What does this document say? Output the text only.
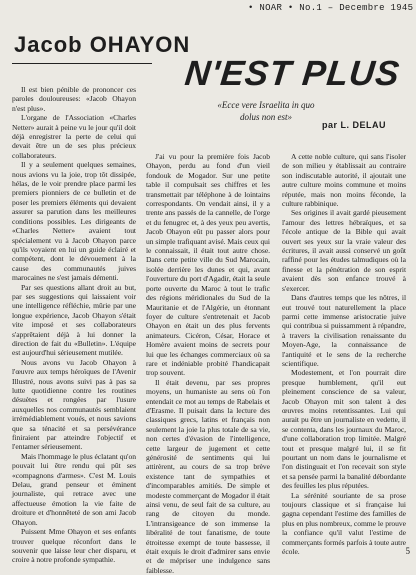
• NOAR • No.1 – Decembre 1945
Jacob OHAYON
N'EST PLUS
«Ecce vere Israelita in quo
dolus non est»
par L. DELAU

Il est bien pénible de prononcer ces paroles douloureuses: «Jacob Ohayon n'est plus».

L'organe de l'Association «Charles Netter» aurait à peine vu le jour qu'il doit déjà enregistrer la perte de celui qui devait être un de ses plus précieux collaborateurs.

Il y a seulement quelques semaines, nous avions vu la joie, trop tôt dissipée, hélas, de le voir prendre place parmi les premiers pionniers de ce bulletin et de poser les premiers éléments qui devaient assurer sa parution dans les meilleures conditions possibles. Les dirigeants de «Charles Netter» avaient tout spécialement vu à Jacob Ohayon parce qu'ils voyaient en lui un guide éclairé et compétent, dont le dévouement à la cause des communautés juives marocaines ne s'est jamais démenti.

Par ses questions allant droit au but, par ses suggestions qui laissaient voir une intelligence réfléchie, mûrie par une longue expérience, Jacob Ohayon s'était vite imposé et ses collaborateurs s'apprêtaient déjà à lui donner la direction de fait du «Bulletin». L'équipe est aujourd'hui sérieusement mutilée.

Nous avons vu Jacob Ohayon à l'œuvre aux temps héroïques de l'Avenir Illustré, nous avons suivi pas à pas sa lutte quotidienne contre les routines désuètes et rongées par l'usure auxquelles nos communautés semblaient irrémédiablement voués, et nous savions que sa ténacité et sa persévérance finiraient par atteindre l'objectif et l'entamer sérieusement.

Mais l'hommage le plus éclatant qu'on pouvait lui être rendu qui pût ses «compagnons d'armes». C'est M. Louis Delau, grand penseur et éminent journaliste, qui retrace avec une affectueuse émotion la vie faite de droiture et d'honnêteté de son ami Jacob Ohayon.

Puissent Mme Ohayon et ses enfants trouver quelque réconfort dans le souvenir que laisse leur cher disparu, et croire à notre profonde sympathie.

J'ai vu pour la première fois Jacob Ohayon, perdu au fond d'un vieil fondouk de Mogador. Sur une petite table il compulsait ses chiffres et les transmettait par téléphone à de lointains correspondants. On vendait ainsi, il y a trente ans passés de la cannelle, de l'orge et du fenugrec et, à des yeux peu avertis, Jacob Ohayon eût pu passer alors pour un simple trafiquant avisé. Mais ceux qui le connaissait, il était tout autre chose. Dans cette petite ville du Sud Marocain, isolée derrière les dunes et qui, avant l'ouverture du port d'Agadir, était la seule porte ouverte du Maroc à tout le trafic des régions méridionales du Sud de la Mauritanie et de l'Algérie, un étonnant foyer de culture s'entretenait et Jacob Ohayon en était un des plus fervents animateurs. Cicéron, César, Horace et Homère avaient moins de secrets pour lui que les échanges commerciaux où sa rare et indéniable probité l'handicapait trop souvent.

Il était devenu, par ses propres moyens, un humaniste au sens où l'on entendait ce mot au temps de Rabelais et d'Erasme. Il puisait dans la lecture des classiques grecs, latins et français non seulement la joie la plus totale de sa vie, non certes d'évasion de l'intelligence, cette largeur de jugement et cette générosité de sentiments qui lui attirèrent, au cours de sa trop brève existence tant de sympathies et d'incomparables amitiés. De simple et modeste commerçant de Mogador il était ainsi venu, de seul fait de sa culture, au rang de citoyen du monde. L'intransigeance de son immense la libéralité de tout fanatisme, de toute étroitesse exempt de toute bassesse, il était exquis le droit d'admirer sans envie et de mépriser une indulgence sans faiblesse.

A cette noble culture, qui sans l'isoler de son milieu y établissait au contraire son indiscutable autorité, il ajoutait une autre culture moins commune et moins réputée, mais non moins féconde, la culture rabbinique.

Ses origines il avait gardé pieusement l'amour des lettres hébraïques, et sa l'école antique de la Bible qui avait ouvert ses yeux sur la vraie valeur des écritures, il avait aussi conservé un goût raffiné pour les études talmudiques où la finesse et la pénétration de son esprit avaient dès son enfance trouvé à s'exercer.

Dans d'autres temps que les nôtres, il eut trouvé tout naturellement la place parmi cette immense aristocratie juive qui contribua si puissamment à répandre, à travers la civilisation renaissante du Moyen-Age, la connaissance de l'antiquité et le sens de la recherche scientifique.

Modestement, et l'on pourrait dire presque humblement, qu'il eut pleinement conscience de sa valeur, Jacob Ohayon mit son talent à des œuvres moins retentissantes. Lui qui aurait pu être un journaliste en vedette, il se contenta, dans les journaux du Maroc, d'une collaboration trop limitée. Malgré tout et presque malgré lui, il se fit pourtant un nom dans le journalisme et l'on distinguait et l'on recevait son style et sa pensée parmi la banalité débordante des feuilles les plus réputées.

La sérénité souriante de sa prose toujours classique et si française lui gagna cependant l'estime des familles de plus en plus nombreux, comme le prouve la confiance qu'il valut l'estime de commerçants formés parfois à toute autre école.	5
